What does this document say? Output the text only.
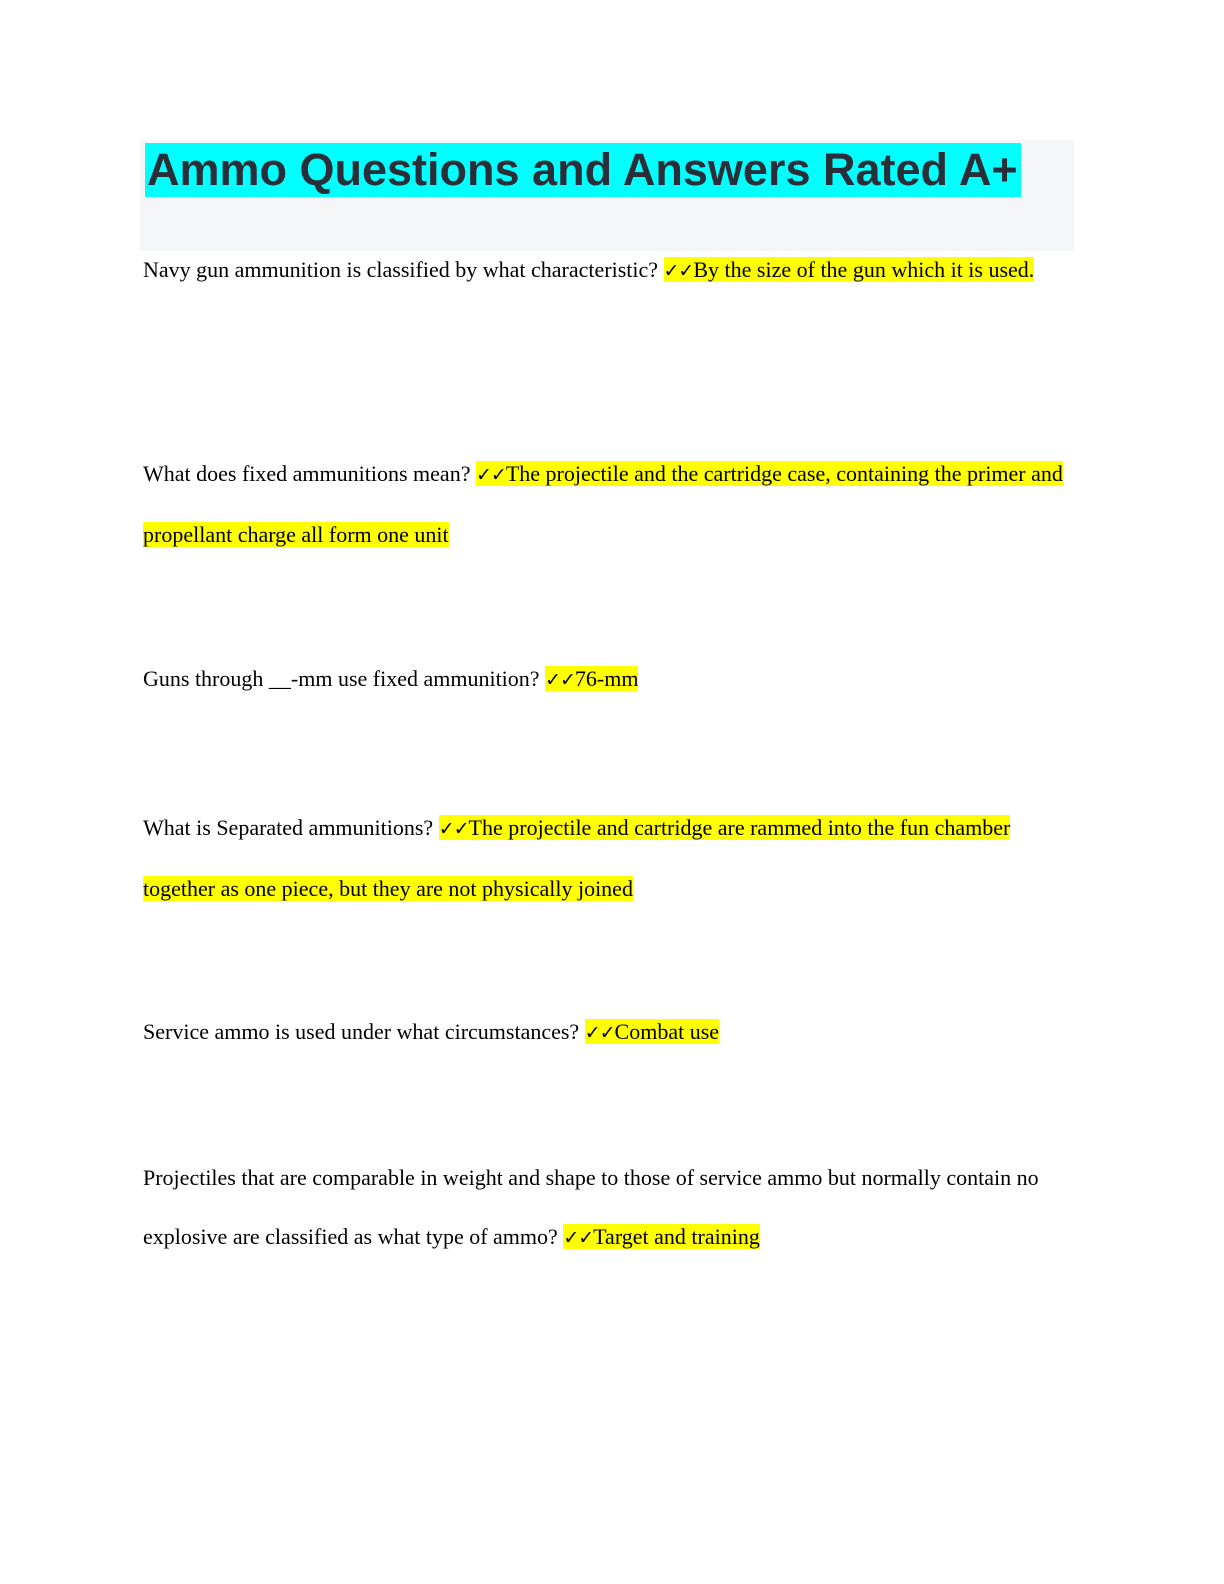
Ammo Questions and Answers Rated A+

Navy gun ammunition is classified by what characteristic? ✓✓By the size of the gun which it is used.

What does fixed ammunitions mean? ✓✓The projectile and the cartridge case, containing the primer and propellant charge all form one unit

Guns through __-mm use fixed ammunition? ✓✓76-mm

What is Separated ammunitions? ✓✓The projectile and cartridge are rammed into the fun chamber together as one piece, but they are not physically joined

Service ammo is used under what circumstances? ✓✓Combat use

Projectiles that are comparable in weight and shape to those of service ammo but normally contain no explosive are classified as what type of ammo? ✓✓Target and training
